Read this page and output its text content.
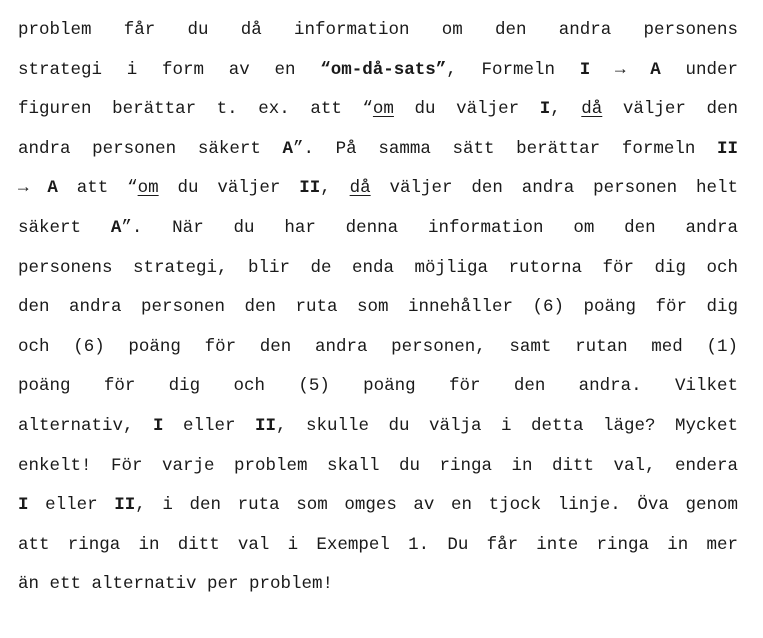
problem får du då information om den andra personens
strategi i form av en “om-då-sats”, Formeln I → A under
figuren berättar t. ex. att “om du väljer I, då väljer den
andra personen säkert A”. På samma sätt berättar formeln II
→ A att “om du väljer II, då väljer den andra personen helt
säkert A”. När du har denna information om den andra
personens strategi, blir de enda möjliga rutorna för dig och
den andra personen den ruta som innehåller (6) poäng för dig
och (6) poäng för den andra personen, samt rutan med (1)
poäng för dig och (5) poäng för den andra. Vilket
alternativ, I eller II, skulle du välja i detta läge? Mycket
enkelt! För varje problem skall du ringa in ditt val, endera
I eller II, i den ruta som omges av en tjock linje. Öva genom
att ringa in ditt val i Exempel 1. Du får inte ringa in mer
än ett alternativ per problem!
